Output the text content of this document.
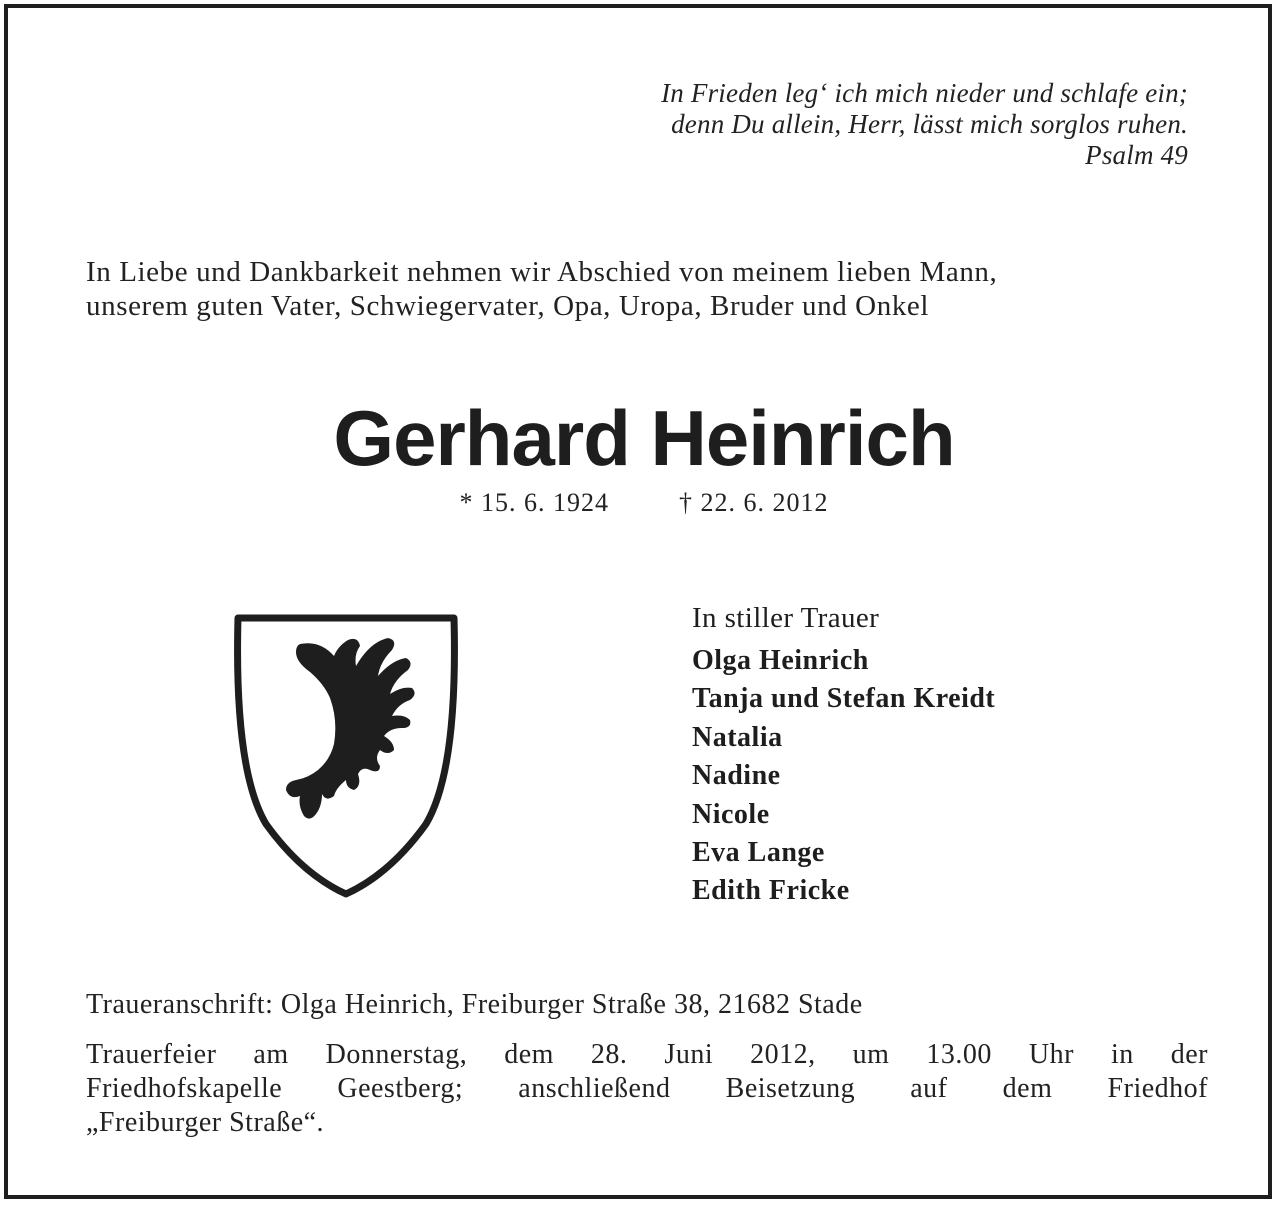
In Frieden leg‘ ich mich nieder und schlafe ein;
denn Du allein, Herr, lässt mich sorglos ruhen.
Psalm 49
In Liebe und Dankbarkeit nehmen wir Abschied von meinem lieben Mann,
unserem guten Vater, Schwiegervater, Opa, Uropa, Bruder und Onkel
Gerhard Heinrich
* 15. 6. 1924	† 22. 6. 2012
In stiller Trauer
Olga Heinrich
Tanja und Stefan Kreidt
Natalia
Nadine
Nicole
Eva Lange
Edith Fricke
Traueranschrift: Olga Heinrich, Freiburger Straße 38, 21682 Stade
Trauerfeier am Donnerstag, dem 28. Juni 2012, um 13.00 Uhr in der
Friedhofskapelle Geestberg; anschließend Beisetzung auf dem Friedhof
„Freiburger Straße“.
